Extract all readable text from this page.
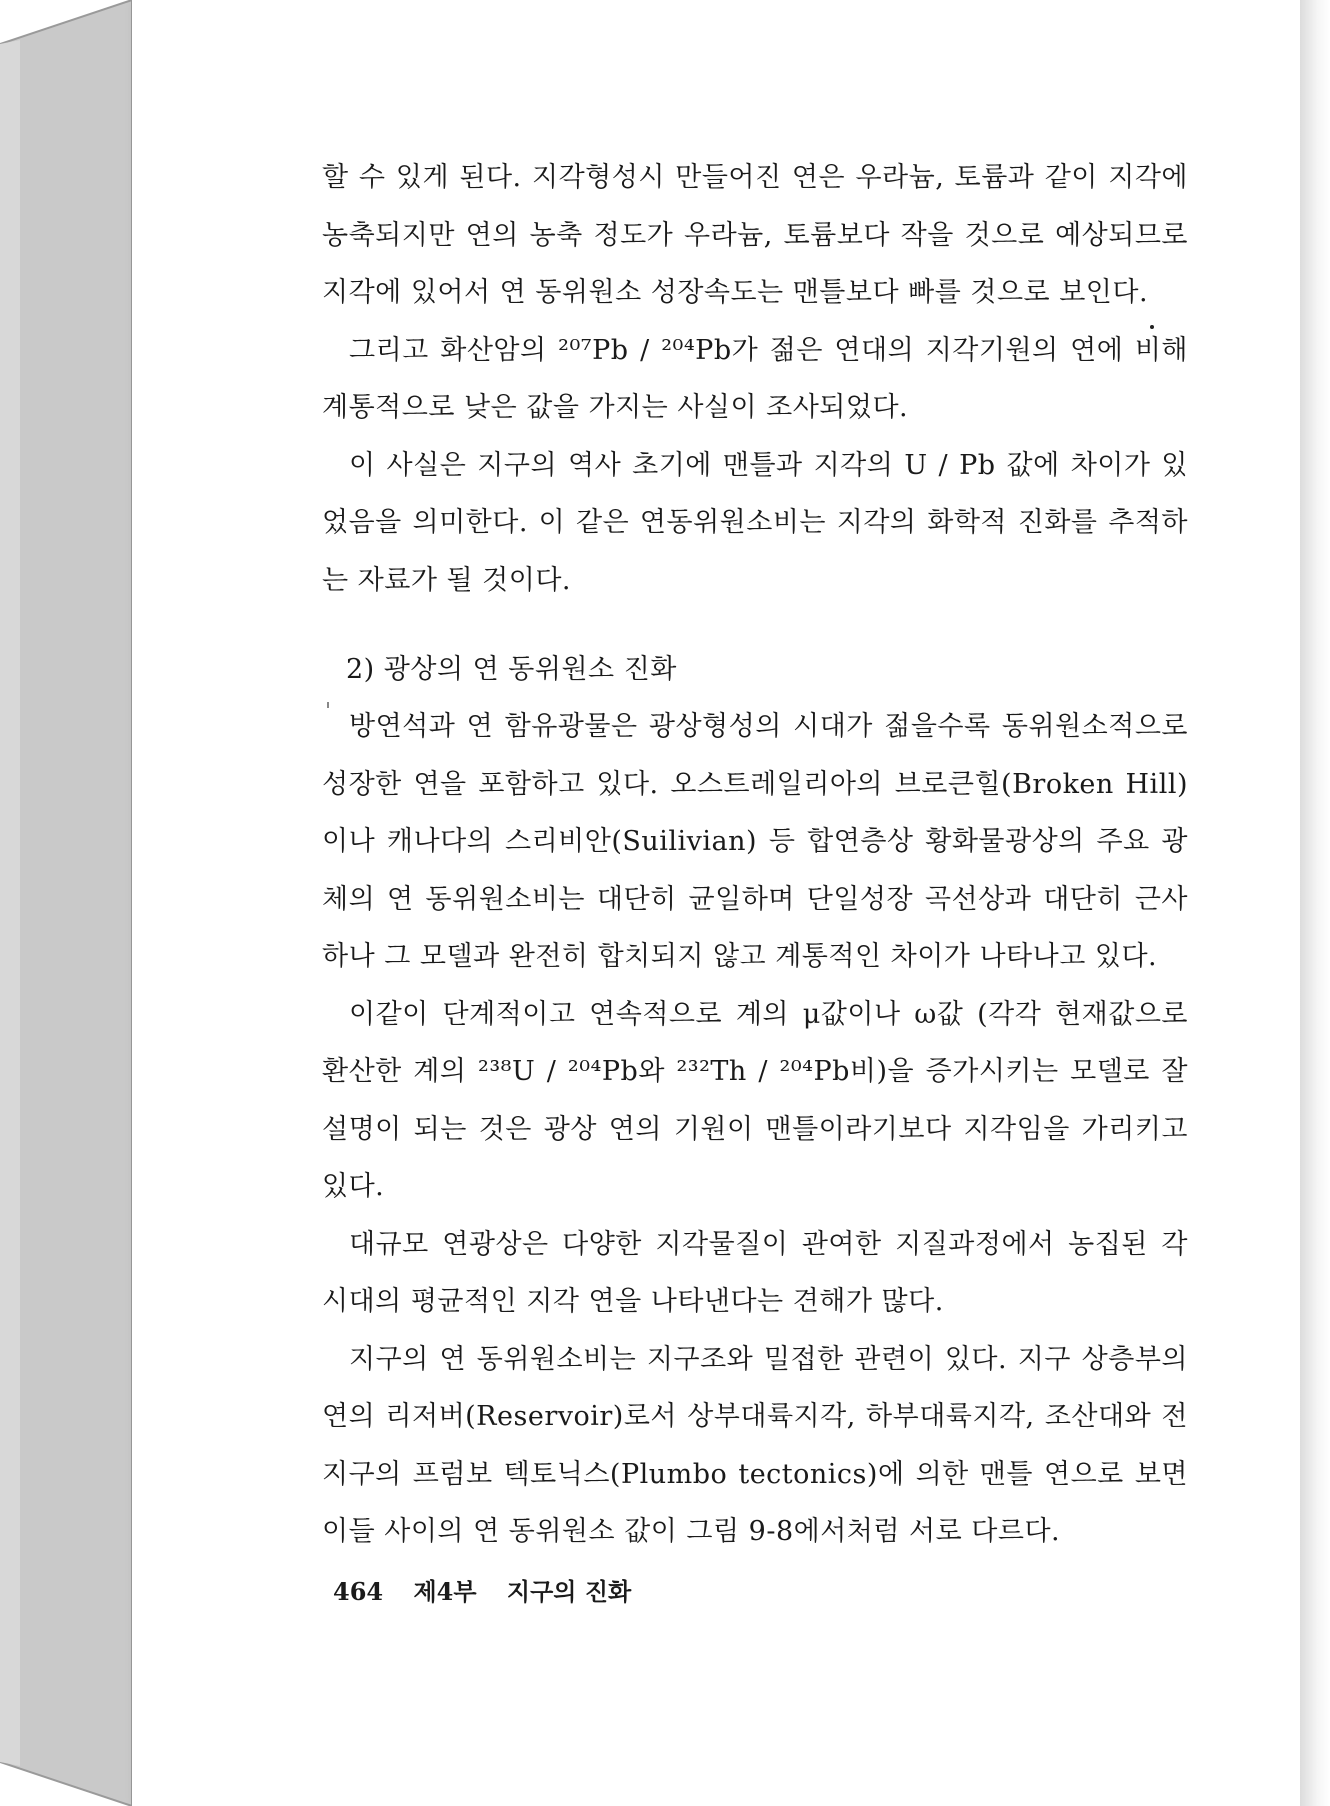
할 수 있게 된다. 지각형성시 만들어진 연은 우라늄, 토륨과 같이 지각에 농축되지만 연의 농축 정도가 우라늄, 토륨보다 작을 것으로 예상되므로 지각에 있어서 연 동위원소 성장속도는 맨틀보다 빠를 것으로 보인다.

그리고 화산암의 ²⁰⁷Pb / ²⁰⁴Pb가 젊은 연대의 지각기원의 연에 비해 계통적으로 낮은 값을 가지는 사실이 조사되었다.

이 사실은 지구의 역사 초기에 맨틀과 지각의 U / Pb 값에 차이가 있었음을 의미한다. 이 같은 연동위원소비는 지각의 화학적 진화를 추적하는 자료가 될 것이다.

2) 광상의 연 동위원소 진화

방연석과 연 함유광물은 광상형성의 시대가 젊을수록 동위원소적으로 성장한 연을 포함하고 있다. 오스트레일리아의 브로큰힐(Broken Hill)이나 캐나다의 스리비안(Suilivian) 등 합연층상 황화물광상의 주요 광체의 연 동위원소비는 대단히 균일하며 단일성장 곡선상과 대단히 근사하나 그 모델과 완전히 합치되지 않고 계통적인 차이가 나타나고 있다.

이같이 단계적이고 연속적으로 계의 μ값이나 ω값 (각각 현재값으로 환산한 계의 ²³⁸U / ²⁰⁴Pb와 ²³²Th / ²⁰⁴Pb비)을 증가시키는 모델로 잘 설명이 되는 것은 광상 연의 기원이 맨틀이라기보다 지각임을 가리키고 있다.

대규모 연광상은 다양한 지각물질이 관여한 지질과정에서 농집된 각 시대의 평균적인 지각 연을 나타낸다는 견해가 많다.

지구의 연 동위원소비는 지구조와 밀접한 관련이 있다. 지구 상층부의 연의 리저버(Reservoir)로서 상부대륙지각, 하부대륙지각, 조산대와 전지구의 프럼보 텍토닉스(Plumbo tectonics)에 의한 맨틀 연으로 보면 이들 사이의 연 동위원소 값이 그림 9-8에서처럼 서로 다르다.

464 제4부 지구의 진화
